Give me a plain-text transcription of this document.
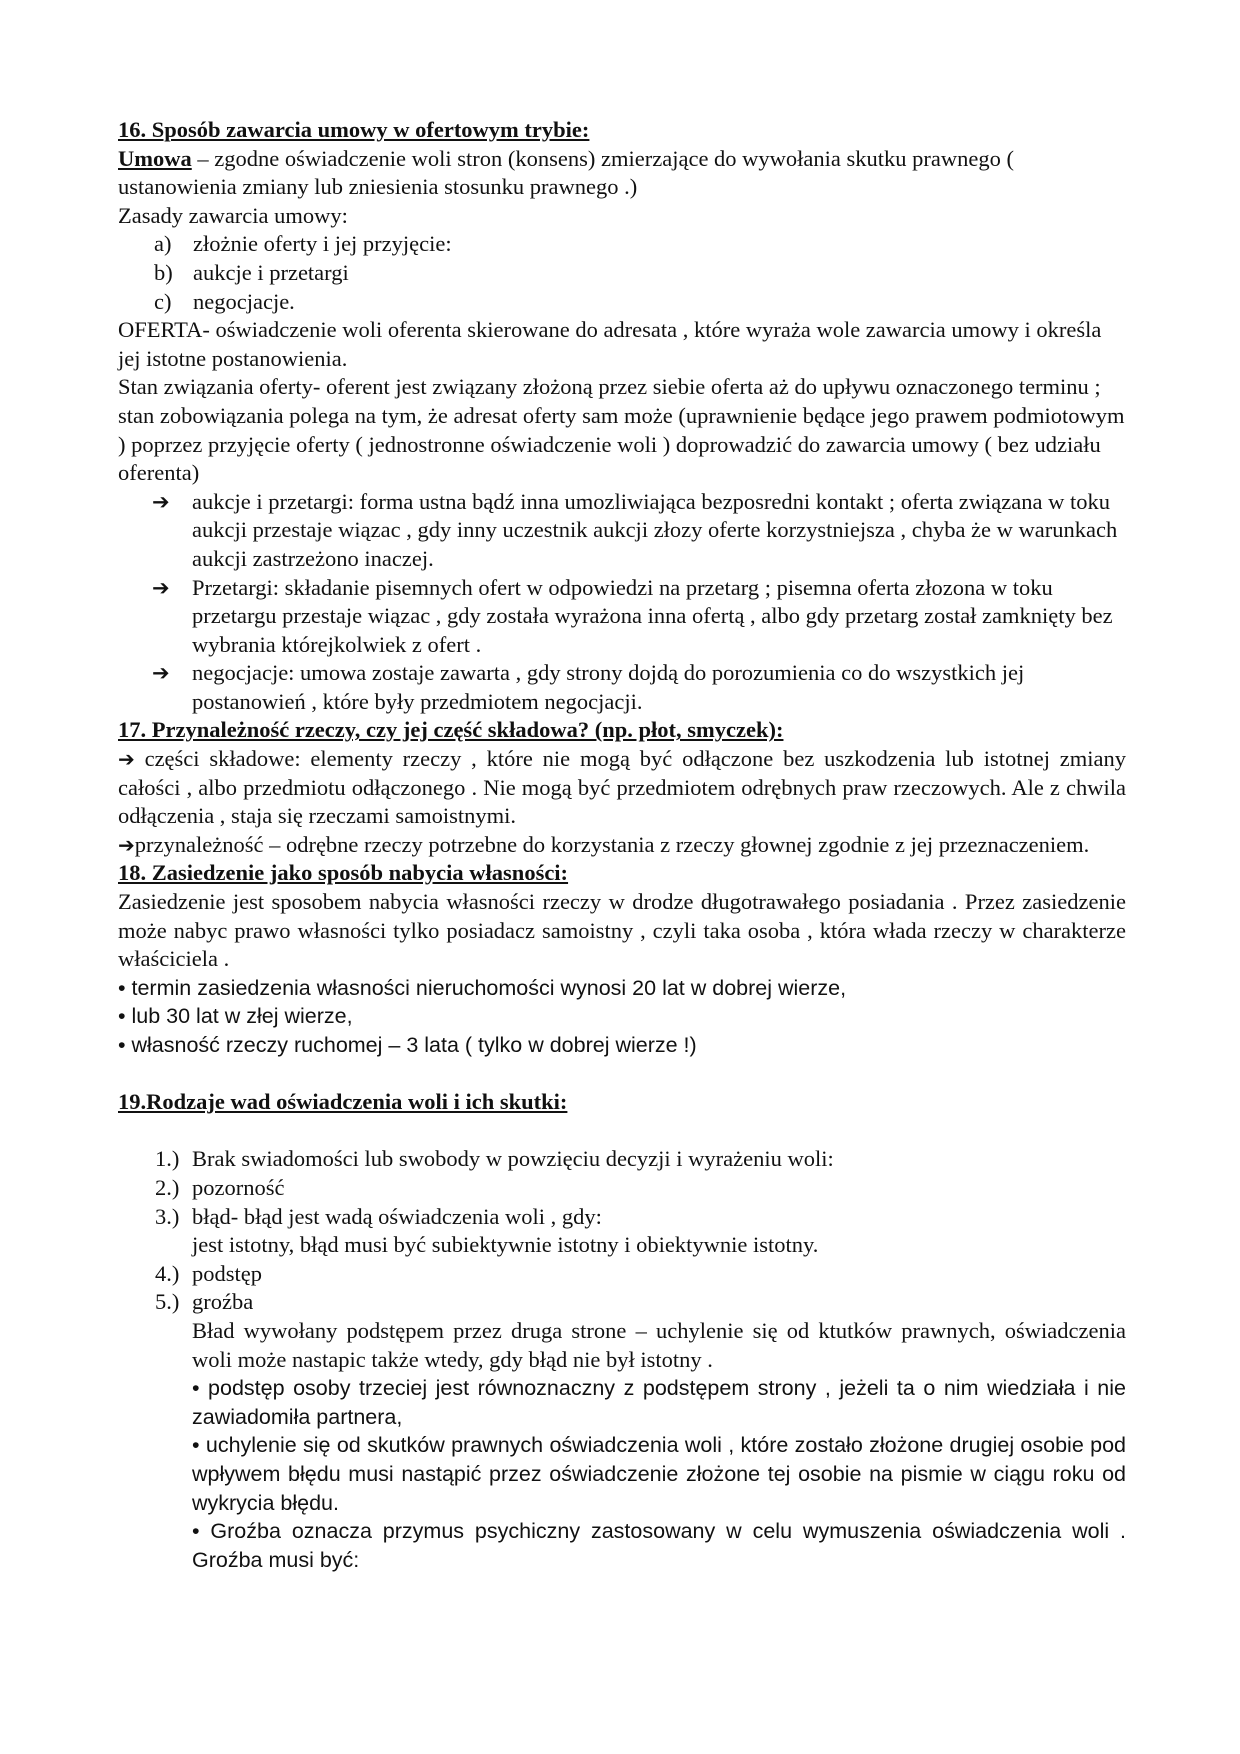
16. Sposób zawarcia umowy w ofertowym trybie:

Umowa – zgodne oświadczenie woli stron (konsens) zmierzające do wywołania skutku prawnego ( ustanowienia zmiany lub zniesienia stosunku prawnego .)

Zasady zawarcia umowy:

a) złożnie oferty i jej przyjęcie:
b) aukcje i przetargi
c) negocjacje.

OFERTA- oświadczenie woli oferenta skierowane do adresata , które wyraża wole zawarcia umowy i określa jej istotne postanowienia.

Stan związania oferty- oferent jest związany złożoną przez siebie oferta aż do upływu oznaczonego terminu ; stan zobowiązania polega na tym, że adresat oferty sam może (uprawnienie będące jego prawem podmiotowym ) poprzez przyjęcie oferty ( jednostronne oświadczenie woli ) doprowadzić do zawarcia umowy ( bez udziału oferenta)

➔ aukcje i przetargi: forma ustna bądź inna umozliwiająca bezposredni kontakt ; oferta związana w toku aukcji przestaje wiązac , gdy inny uczestnik aukcji złozy oferte korzystniejsza , chyba że w warunkach aukcji zastrzeżono inaczej.
➔ Przetargi: składanie pisemnych ofert w odpowiedzi na przetarg ; pisemna oferta złozona w toku przetargu przestaje wiązac , gdy została wyrażona inna ofertą , albo gdy przetarg został zamknięty bez wybrania którejkolwiek z ofert .
➔ negocjacje: umowa zostaje zawarta , gdy strony dojdą do porozumienia co do wszystkich jej postanowień , które były przedmiotem negocjacji.

17. Przynależność rzeczy, czy jej część składowa? (np. płot, smyczek):

➔ części składowe: elementy rzeczy , które nie mogą być odłączone bez uszkodzenia lub istotnej zmiany całości , albo przedmiotu odłączonego . Nie mogą być przedmiotem odrębnych praw rzeczowych. Ale z chwila odłączenia , staja się rzeczami samoistnymi.

➔przynależność – odrębne rzeczy potrzebne do korzystania z rzeczy głownej zgodnie z jej przeznaczeniem.

18. Zasiedzenie jako sposób nabycia własności:

Zasiedzenie jest sposobem nabycia własności rzeczy w drodze długotrawałego posiadania . Przez zasiedzenie może nabyc prawo własności tylko posiadacz samoistny , czyli taka osoba , która włada rzeczy w charakterze właściciela .

• termin zasiedzenia własności nieruchomości wynosi 20 lat w dobrej wierze,

• lub 30 lat w złej wierze,

• własność rzeczy ruchomej – 3 lata ( tylko w dobrej wierze !)

19.Rodzaje wad oświadczenia woli i ich skutki:

1.) Brak swiadomości lub swobody w powzięciu decyzji i wyrażeniu woli:
2.) pozorność
3.) błąd- błąd jest wadą oświadczenia woli , gdy:

jest istotny, błąd musi być subiektywnie istotny i obiektywnie istotny.

4.) podstęp
5.) groźba

Bład wywołany podstępem przez druga strone – uchylenie się od ktutków prawnych, oświadczenia woli może nastapic także wtedy, gdy błąd nie był istotny .

• podstęp osoby trzeciej jest równoznaczny z podstępem strony , jeżeli ta o nim wiedziała i nie zawiadomiła partnera,

• uchylenie się od skutków prawnych oświadczenia woli , które zostało złożone drugiej osobie pod wpływem błędu musi nastąpić przez oświadczenie złożone tej osobie na pismie w ciągu roku od wykrycia błędu.

• Groźba oznacza przymus psychiczny zastosowany w celu wymuszenia oświadczenia woli . Groźba musi być:
